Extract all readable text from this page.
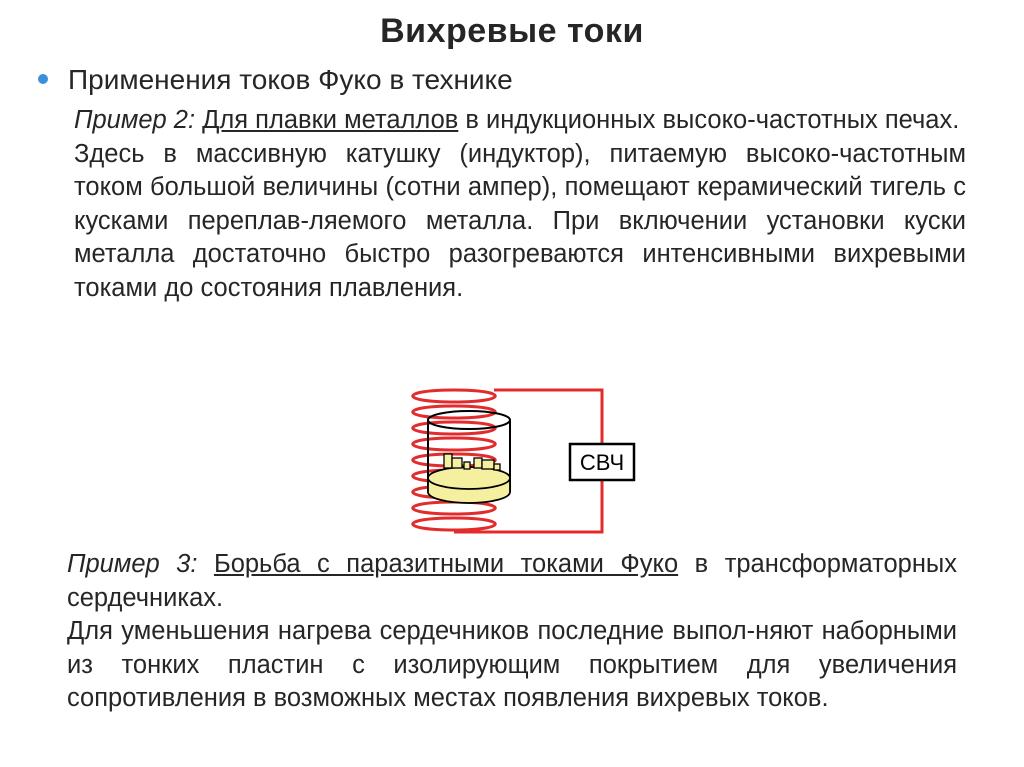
Вихревые токи
Применения токов Фуко в технике

Пример 2: Для плавки металлов в индукционных высоко-частотных печах.

Здесь в массивную катушку (индуктор), питаемую высоко-частотным током большой величины (сотни ампер), помещают керамический тигель с кусками переплав-ляемого металла. При включении установки куски металла достаточно быстро разогреваются интенсивными вихревыми токами до состояния плавления.

СВЧ

Пример 3: Борьба с паразитными токами Фуко в трансформаторных сердечниках.

Для уменьшения нагрева сердечников последние выпол-няют наборными из тонких пластин с изолирующим покрытием для увеличения сопротивления в возможных местах появления вихревых токов.
